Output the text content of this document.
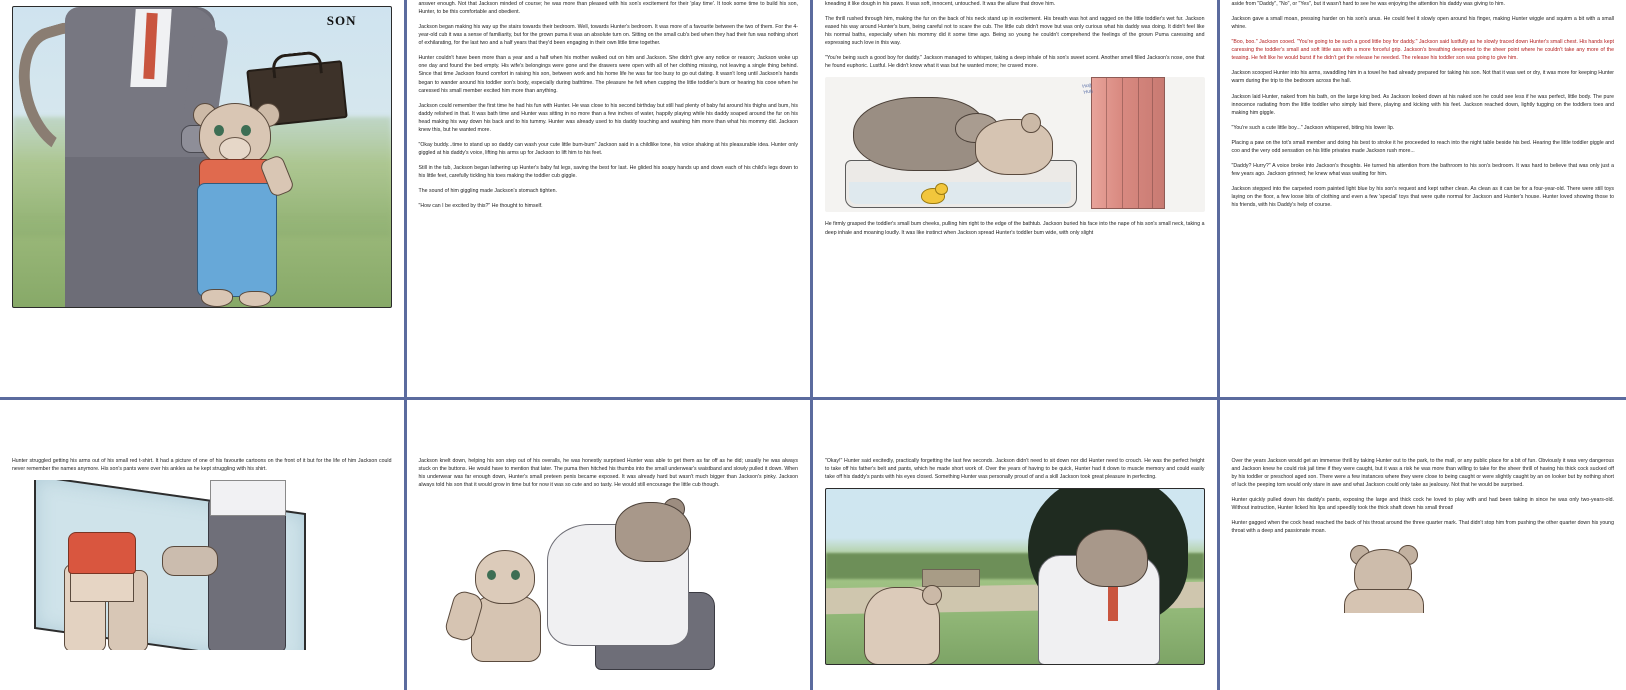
SON

answer enough. Not that Jackson minded of course; he was more than pleased with his son's excitement for their 'play time'. It took some time to build his son, Hunter, to be this comfortable and obedient.

Jackson began making his way up the stairs towards their bedroom. Well, towards Hunter's bedroom. It was more of a favourite between the two of them. For the 4-year-old cub it was a sense of familiarity, but for the grown puma it was an absolute turn on. Sitting on the small cub's bed when they had their fun was nothing short of exhilarating, for the last two and a half years that they'd been engaging in their own little time together.

Hunter couldn't have been more than a year and a half when his mother walked out on him and Jackson. She didn't give any notice or reason; Jackson woke up one day and found the bed empty. His wife's belongings were gone and the drawers were open with all of her clothing missing, not leaving a single thing behind. Since that time Jackson found comfort in raising his son, between work and his home life he was far too busy to go out dating. It wasn't long until Jackson's hands began to wander around his toddler son's body, especially during bathtime. The pleasure he felt when cupping the little toddler's bum or hearing his cooe when he caressed his small member excited him more than anything.

Jackson could remember the first time he had his fun with Hunter. He was close to his second birthday but still had plenty of baby fat around his thighs and bum, his daddy relished in that. It was bath time and Hunter was sitting in no more than a few inches of water, happily playing while his daddy soaped around the fur on his head making his way down his back and to his tummy. Hunter was already used to his daddy touching and washing him more than what his mommy did. Jackson knew this, but he wanted more.

"Okay buddy...time to stand up so daddy can wash your cute little bum-bum" Jackson said in a childlike tone, his voice shaking at his pleasurable idea. Hunter only giggled at his daddy's voice, lifting his arms up for Jackson to lift him to his feet.

Still in the tub, Jackson began lathering up Hunter's baby fat legs, saving the best for last. He glided his soapy hands up and down each of his child's legs down to his little feet, carefully tickling his toes making the toddler cub giggle.

The sound of him giggling made Jackson's stomach tighten.

"How can I be excited by this?" He thought to himself.

kneading it like dough in his paws. It was soft, innocent, untouched. It was the allure that drove him.

The thrill rushed through him, making the fur on the back of his neck stand up in excitement. His breath was hot and ragged on the little toddler's wet fur. Jackson eased his way around Hunter's bum, being careful not to scare the cub. The little cub didn't move but was only curious what his daddy was doing. It didn't feel like his normal baths, especially when his mommy did it some time ago. Being so young he couldn't comprehend the feelings of the grown Puma caressing and expressing such love in this way.

"You're being such a good boy for daddy." Jackson managed to whisper, taking a deep inhale of his son's sweet scent. Another smell filled Jackson's nose, one that he found euphoric. Lustful. He didn't know what it was but he wanted more; he craved more.

Hug
Hug

He firmly grasped the toddler's small bum cheeks, pulling him right to the edge of the bathtub. Jackson buried his face into the nape of his son's small neck, taking a deep inhale and moaning loudly. It was like instinct when Jackson spread Hunter's toddler bum wide, with only slight

aside from "Daddy", "No", or "Yes", but it wasn't hard to see he was enjoying the attention his daddy was giving to him.

Jackson gave a small moan, pressing harder on his son's anus. He could feel it slowly open around his finger, making Hunter wiggle and squirm a bit with a small whine.

"Boo, boo." Jackson cooed. "You're going to be such a good little boy for daddy." Jackson said lustfully as he slowly traced down Hunter's small chest. His hands kept caressing the toddler's small and soft little ass with a more forceful grip. Jackson's breathing deepened to the sheer point where he couldn't take any more of the teasing. He felt like he would burst if he didn't get the release he needed. The release his toddler son was going to give him.

Jackson scooped Hunter into his arms, swaddling him in a towel he had already prepared for taking his son. Not that it was wet or dry, it was more for keeping Hunter warm during the trip to the bedroom across the hall.

Jackson laid Hunter, naked from his bath, on the large king bed. As Jackson looked down at his naked son he could see less if he was perfect, little body. The pure innocence radiating from the little toddler who simply laid there, playing and kicking with his feet. Jackson reached down, lightly tugging on the toddlers toes and making him giggle.

"You're such a cute little boy..." Jackson whispered, biting his lower lip.

Placing a paw on the tot's small member and doing his best to stroke it he proceeded to reach into the night table beside his bed. Hearing the little toddler giggle and coo and the very odd sensation on his little privates made Jackson rush more...

"Daddy? Hurry?" A voice broke into Jackson's thoughts. He turned his attention from the bathroom to his son's bedroom. It was hard to believe that was only just a few years ago. Jackson grinned; he knew what was waiting for him.

Jackson stepped into the carpeted room painted light blue by his son's request and kept rather clean. As clean as it can be for a four-year-old. There were still toys laying on the floor, a few loose bits of clothing and even a few 'special' toys that were quite normal for Jackson and Hunter's house. Hunter loved showing those to his friends, with his Daddy's help of course.

Hunter struggled getting his arms out of his small red t-shirt. It had a picture of one of his favourite cartoons on the front of it but for the life of him Jackson could never remember the names anymore. His son's pants were over his ankles as he kept struggling with his shirt.

Jackson knelt down, helping his son step out of his overalls, he was honestly surprised Hunter was able to get them as far off as he did; usually he was always stuck on the buttons. He would have to mention that later. The puma then hitched his thumbs into the small underwear's waistband and slowly pulled it down. When his underwear was far enough down, Hunter's small preteen penis became exposed. It was already hard but wasn't much bigger than Jackson's pinky. Jackson always told his son that it would grow in time but for now it was so cute and so tasty. He would still encourage the little cub though.

"Okay!" Hunter said excitedly, practically forgetting the last few seconds. Jackson didn't need to sit down nor did Hunter need to crouch. He was the perfect height to take off his father's belt and pants, which he made short work of. Over the years of having to be quick, Hunter had it down to muscle memory and could easily take off his daddy's pants with his eyes closed. Something Hunter was personally proud of and a skill Jackson took great pleasure in perfecting.

Over the years Jackson would get an immense thrill by taking Hunter out to the park, to the mall, or any public place for a bit of fun. Obviously it was very dangerous and Jackson knew he could risk jail time if they were caught, but it was a risk he was more than willing to take for the sheer thrill of having his thick cock sucked off by his toddler or preschool aged son. There were a few instances where they were close to being caught or were slightly caught by an on looker but by nothing short of luck the peeping tom would only stare in awe and what Jackson could only take as jealousy. Not that he would be surprised.

Hunter quickly pulled down his daddy's pants, exposing the large and thick cock he loved to play with and had been taking in since he was only two-years-old. Without instruction, Hunter licked his lips and speedily took the thick shaft down his small throat!

Hunter gagged when the cock head reached the back of his throat around the three quarter mark. That didn't stop him from pushing the other quarter down his young throat with a deep and passionate moan.
